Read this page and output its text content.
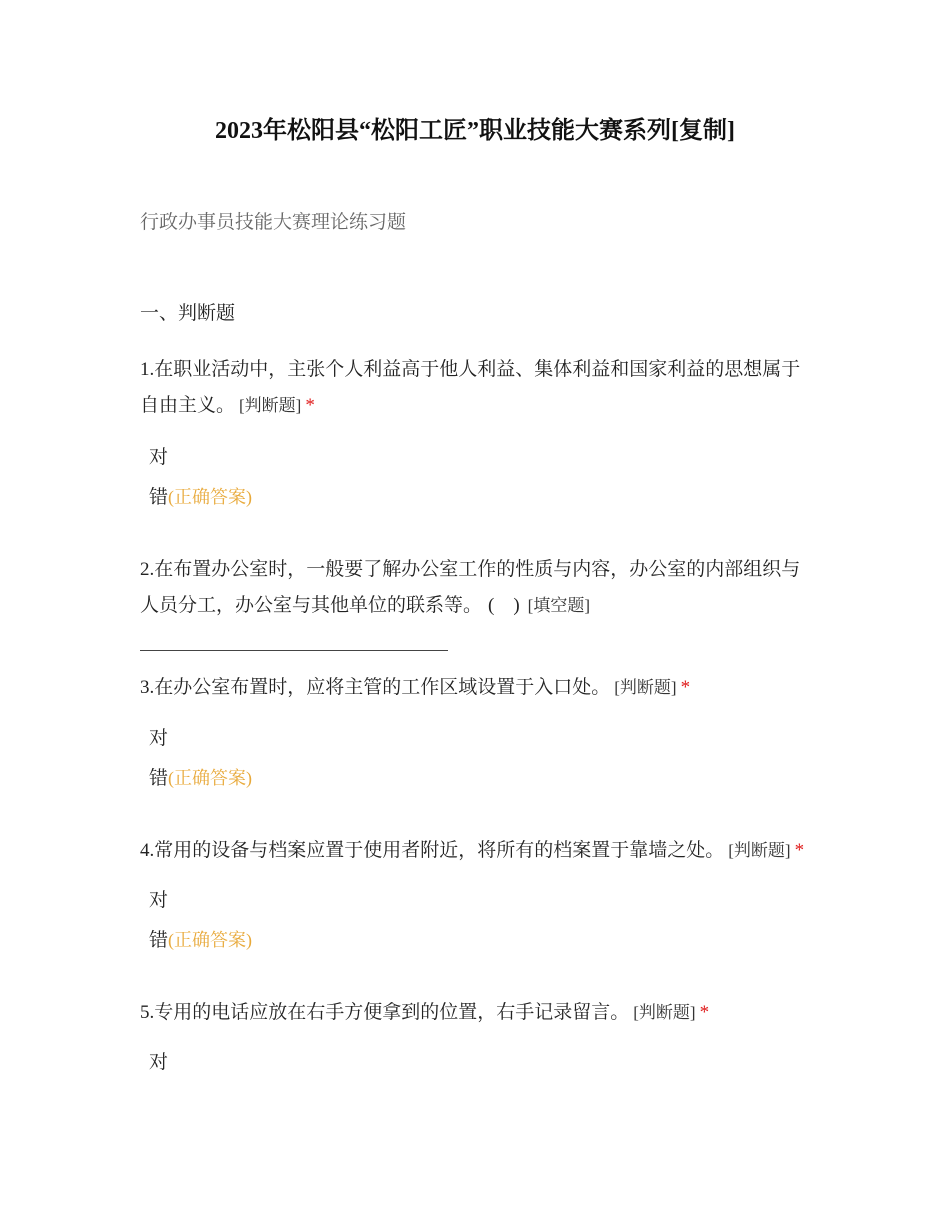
2023年松阳县“松阳工匠”职业技能大赛系列[复制]
行政办事员技能大赛理论练习题
一、判断题
1.在职业活动中，主张个人利益高于他人利益、集体利益和国家利益的思想属于自由主义。 [判断题] *
对
错(正确答案)
2.在布置办公室时，一般要了解办公室工作的性质与内容，办公室的内部组织与人员分工，办公室与其他单位的联系等。 (    ) [填空题]
3.在办公室布置时，应将主管的工作区域设置于入口处。 [判断题] *
对
错(正确答案)
4.常用的设备与档案应置于使用者附近，将所有的档案置于靠墙之处。 [判断题] *
对
错(正确答案)
5.专用的电话应放在右手方便拿到的位置，右手记录留言。 [判断题] *
对
